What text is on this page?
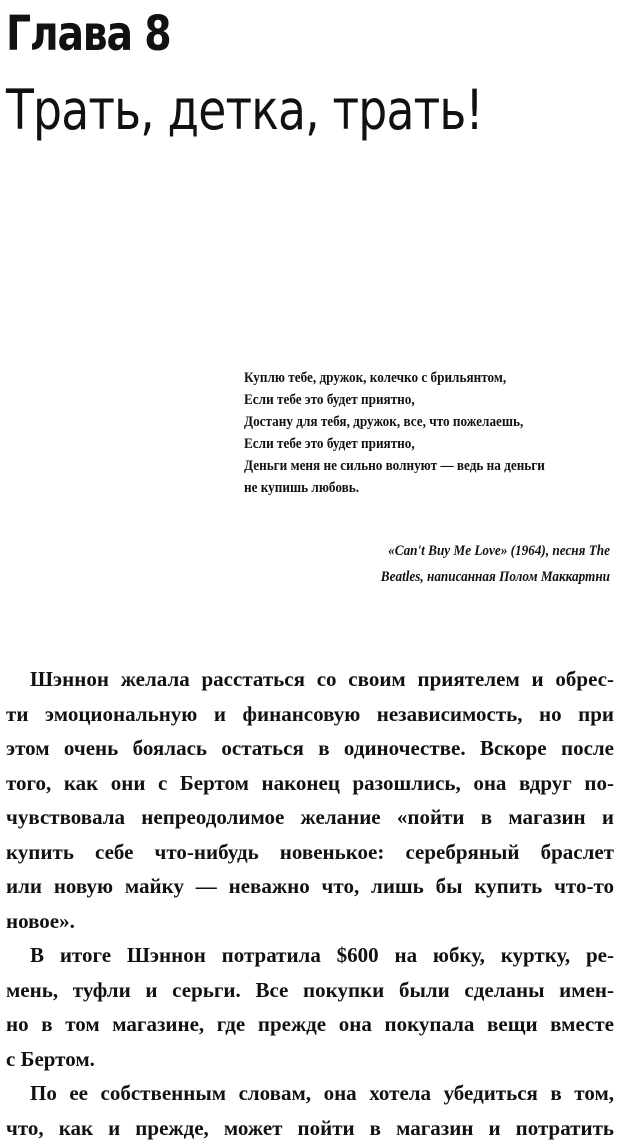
Глава 8
Трать, детка, трать!
Куплю тебе, дружок, колечко с брильянтом,
Если тебе это будет приятно,
Достану для тебя, дружок, все, что пожелаешь,
Если тебе это будет приятно,
Деньги меня не сильно волнуют — ведь на деньги
не купишь любовь.
«Can't Buy Me Love» (1964), песня The
Beatles, написанная Полом Маккартни
Шэннон желала расстаться со своим приятелем и обрес-
ти эмоциональную и финансовую независимость, но при
этом очень боялась остаться в одиночестве. Вскоре после
того, как они с Бертом наконец разошлись, она вдруг по-
чувствовала непреодолимое желание «пойти в магазин и
купить себе что-нибудь новенькое: серебряный браслет
или новую майку — неважно что, лишь бы купить что-то
новое».
В итоге Шэннон потратила $600 на юбку, куртку, ре-
мень, туфли и серьги. Все покупки были сделаны имен-
но в том магазине, где прежде она покупала вещи вместе
с Бертом.
По ее собственным словам, она хотела убедиться в том,
что, как и прежде, может пойти в магазин и потратить
